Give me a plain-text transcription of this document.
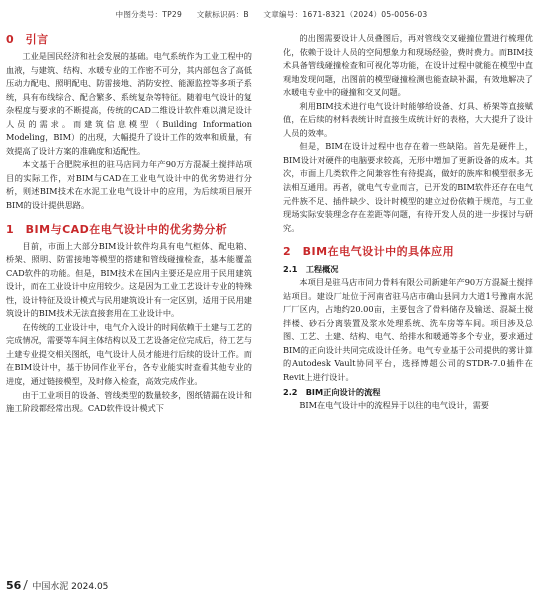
中图分类号：TP29 文献标识码：B 文章编号：1671-8321（2024）05-0056-03
0　引言

工业是国民经济和社会发展的基础。电气系统作为工业工程中的血液，与建筑、结构、水暖专业的工作密不可分，其内部包含了高低压动力配电、照明配电、防雷接地、消防安控、能源监控等多项子系统，具有布线综合、配合繁多、系统复杂等特征。随着电气设计的复杂程度与要求的不断提高，传统的CAD二维设计软件难以满足设计人员的需求。而建筑信息模型（Building Information Modeling，BIM）的出现，大幅提升了设计工作的效率和质量，有效提高了设计方案的准确度和适配性。

本文基于合肥院承担的驻马店同力年产90万方混凝土搅拌站项目的实际工作，对BIM与CAD在工业电气设计中的优劣势进行分析，则述BIM技术在水泥工业电气设计中的应用，为后续项目展开BIM的设计提供思路。

1　BIM与CAD在电气设计中的优劣势分析

目前，市面上大部分BIM设计软件均具有电气柜体、配电箱、桥架、照明、防雷接地等模型的搭建和管线碰撞检查，基本能覆盖CAD软件的功能。但是，BIM技术在国内主要还是应用于民用建筑设计，而在工业设计中应用较少。这是因为工业工艺设计专业的特殊性，设计特征及设计模式与民用建筑设计有一定区别，适用于民用建筑设计的BIM技术无法直接套用在工业设计中。

在传统的工业设计中，电气介入设计的时间依赖于土建与工艺的完成情况，需要等车间主体结构以及工艺设备定位完成后，待工艺与土建专业提交相关图纸，电气设计人员才能进行后续的设计工作。而在BIM设计中，基于协同作业平台，各专业能实时查看其他专业的进度，通过链接模型，及时修入检查，高效完成作业。

由于工业项目的设备、管线类型的数量较多，图纸错漏在设计和施工阶段都经常出现。CAD软件设计模式下

的出图需要设计人员叠图后，再对管线交叉碰撞位置进行梳理优化，依赖于设计人员的空间想象力和现场经验，费时费力。而BIM技术具备管线碰撞检查和可视化等功能，在设计过程中就能在模型中直观地发现问题，出图前的模型碰撞检测也能查缺补漏，有效地解决了水暖电专业中的碰撞和交叉问题。

利用BIM技术进行电气设计时能够给设备、灯具、桥架等直接赋值，在后续的材料表统计时直接生成统计好的表格，大大提升了设计人员的效率。

但是，BIM在设计过程中也存在着一些缺陷。首先是硬件上，BIM设计对硬件的电脑要求较高，无形中增加了更新设备的成本。其次，市面上几类软件之间兼容性有待提高，做好的族库和模型很多无法相互通用。再者，就电气专业而言，已开发的BIM软件还存在电气元件族不足、插件缺少、设计时模型的建立过份依赖于规范，与工业现场实际安装理念存在差距等问题，有待开发人员的进一步探讨与研究。

2　BIM在电气设计中的具体应用
2.1　工程概况

本项目是驻马店市同力骨料有限公司新建年产90万方混凝土搅拌站项目。建设厂址位于河南省驻马店市确山县同力大道1号豫南水泥厂厂区内，占地约20.00亩，主要包含了骨料储存及输送、混凝土搅拌楼、砂石分离装置及浆水处理系统、洗车房等车间。项目涉及总图、工艺、土建、结构、电气、给排水和暖通等多个专业，要求通过BIM的正向设计共同完成设计任务。电气专业基于公司提供的雾计算的Autodesk Vault协同平台，选择博超公司的STDR-7.0插件在Revit上进行设计。

2.2　BIM正向设计的流程

BIM在电气设计中的流程异于以往的电气设计，需要

56 中国水泥 2024.05
